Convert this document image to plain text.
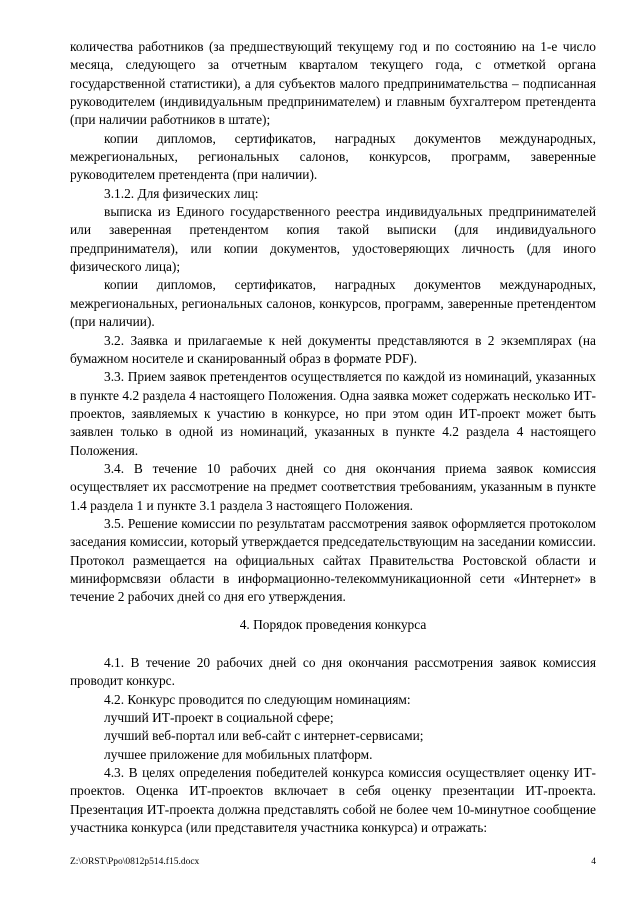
количества работников (за предшествующий текущему год и по состоянию на 1-е число месяца, следующего за отчетным кварталом текущего года, с отметкой органа государственной статистики), а для субъектов малого предпринимательства – подписанная руководителем (индивидуальным предпринимателем) и главным бухгалтером претендента (при наличии работников в штате);

копии дипломов, сертификатов, наградных документов международных, межрегиональных, региональных салонов, конкурсов, программ, заверенные руководителем претендента (при наличии).

3.1.2. Для физических лиц:

выписка из Единого государственного реестра индивидуальных предпринимателей или заверенная претендентом копия такой выписки (для индивидуального предпринимателя), или копии документов, удостоверяющих личность (для иного физического лица);

копии дипломов, сертификатов, наградных документов международных, межрегиональных, региональных салонов, конкурсов, программ, заверенные претендентом (при наличии).

3.2. Заявка и прилагаемые к ней документы представляются в 2 экземплярах (на бумажном носителе и сканированный образ в формате PDF).

3.3. Прием заявок претендентов осуществляется по каждой из номинаций, указанных в пункте 4.2 раздела 4 настоящего Положения. Одна заявка может содержать несколько ИТ-проектов, заявляемых к участию в конкурсе, но при этом один ИТ-проект может быть заявлен только в одной из номинаций, указанных в пункте 4.2 раздела 4 настоящего Положения.

3.4. В течение 10 рабочих дней со дня окончания приема заявок комиссия осуществляет их рассмотрение на предмет соответствия требованиям, указанным в пункте 1.4 раздела 1 и пункте 3.1 раздела 3 настоящего Положения.

3.5. Решение комиссии по результатам рассмотрения заявок оформляется протоколом заседания комиссии, который утверждается председательствующим на заседании комиссии. Протокол размещается на официальных сайтах Правительства Ростовской области и миниформсвязи области в информационно-телекоммуникационной сети «Интернет» в течение 2 рабочих дней со дня его утверждения.

4. Порядок проведения конкурса

4.1. В течение 20 рабочих дней со дня окончания рассмотрения заявок комиссия проводит конкурс.

4.2. Конкурс проводится по следующим номинациям:

лучший ИТ-проект в социальной сфере;

лучший веб-портал или веб-сайт с интернет-сервисами;

лучшее приложение для мобильных платформ.

4.3. В целях определения победителей конкурса комиссия осуществляет оценку ИТ-проектов. Оценка ИТ-проектов включает в себя оценку презентации ИТ-проекта. Презентация ИТ-проекта должна представлять собой не более чем 10-минутное сообщение участника конкурса (или представителя участника конкурса) и отражать:

Z:\ORST\Ppo\0812p514.f15.docx	4
